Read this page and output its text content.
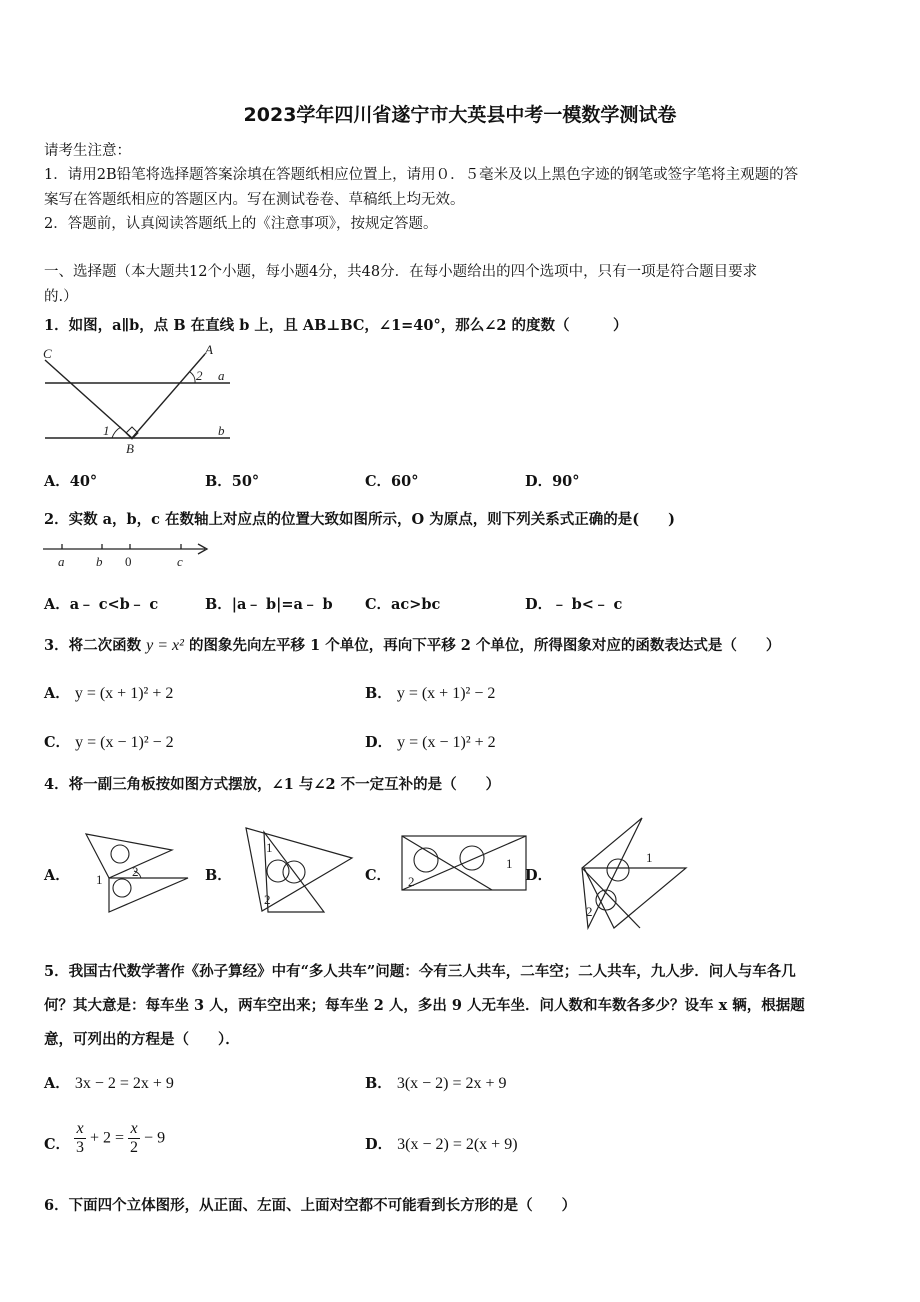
2023学年四川省遂宁市大英县中考一模数学测试卷
请考生注意：
1．请用2B铅笔将选择题答案涂填在答题纸相应位置上，请用０．５毫米及以上黑色字迹的钢笔或签字笔将主观题的答
案写在答题纸相应的答题区内。写在测试卷卷、草稿纸上均无效。
2．答题前，认真阅读答题纸上的《注意事项》，按规定答题。
一、选择题（本大题共12个小题，每小题4分，共48分．在每小题给出的四个选项中，只有一项是符合题目要求
的.）
1．如图，a∥b，点 B 在直线 b 上，且 AB⊥BC，∠1=40°，那么∠2 的度数（　　　）
C	A
2 a
1	b
B
A．40°	B．50°	C．60°	D．90°
2．实数 a，b，c 在数轴上对应点的位置大致如图所示，O 为原点，则下列关系式正确的是(　　)
a b 0	c
A．a﹣ c<b﹣ c	B．|a﹣ b|=a﹣ b C．ac>bc	D．﹣ b<﹣ c
3．将二次函数 y = x² 的图象先向左平移 1 个单位，再向下平移 2 个单位，所得图象对应的函数表达式是（　　）
A． y = (x + 1)² + 2	B． y = (x + 1)² − 2
C． y = (x − 1)² − 2	D． y = (x − 1)² + 2
4．将一副三角板按如图方式摆放，∠1 与∠2 不一定互补的是（　　）
A． 1
2	B．
1
2
C．
1
2	D．
1
2
5．我国古代数学著作《孙子算经》中有“多人共车”问题：今有三人共车，二车空；二人共车，九人步．问人与车各几
何？其大意是：每车坐 3 人，两车空出来；每车坐 2 人，多出 9 人无车坐．问人数和车数各多少？设车 x 辆，根据题
意，可列出的方程是（　　）．
A． 3x − 2 = 2x + 9	B． 3(x − 2) = 2x + 9
C． $\frac{x}{3} + 2 = \frac{x}{2} - 9$	D． 3(x − 2) = 2(x + 9)
6．下面四个立体图形，从正面、左面、上面对空都不可能看到长方形的是（　　）
